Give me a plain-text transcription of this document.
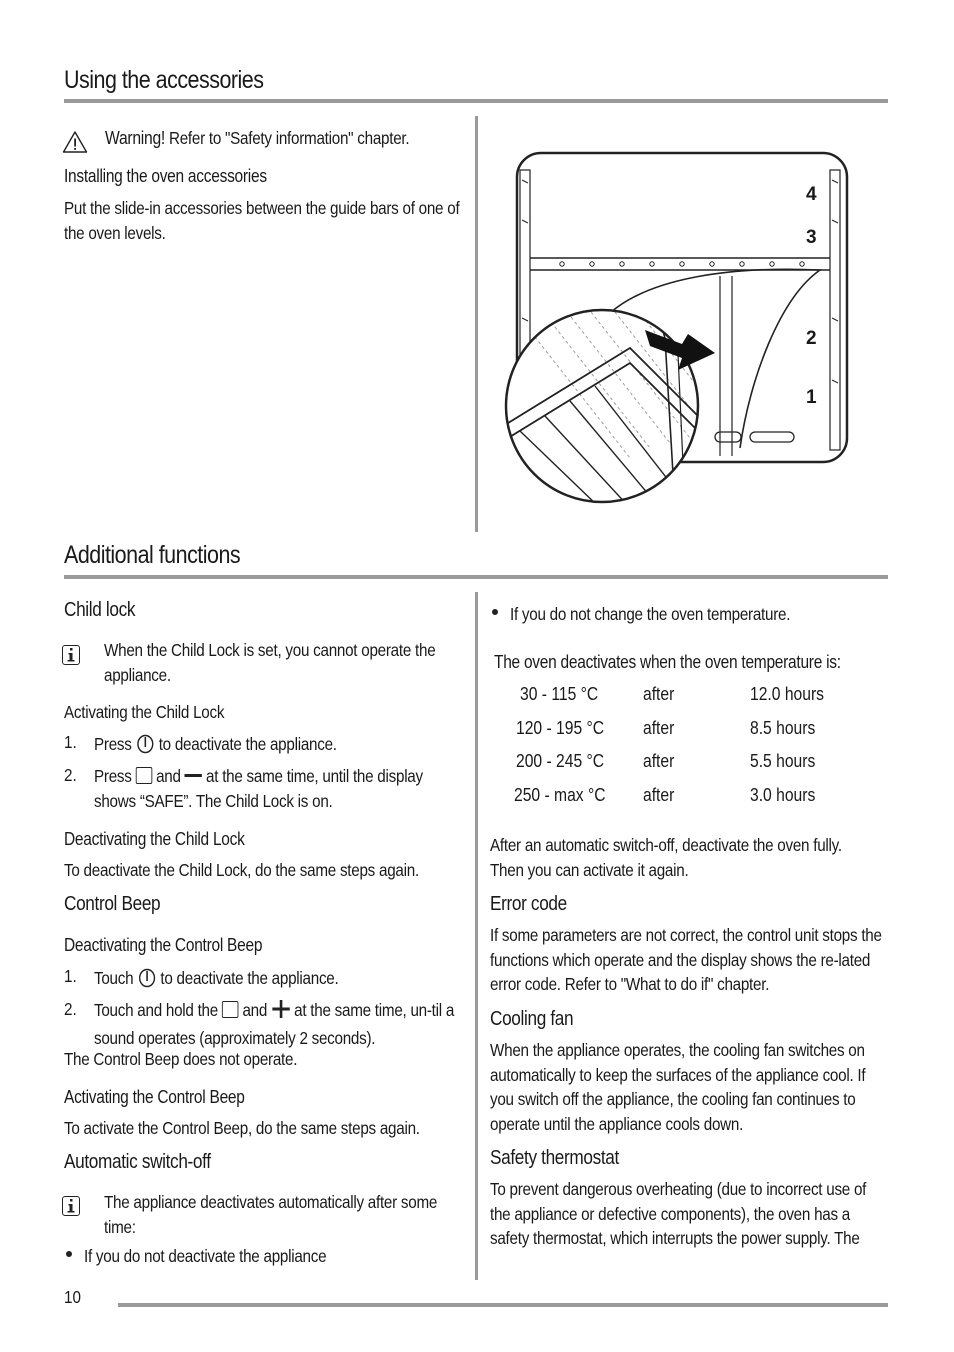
Using the accessories
Warning! Refer to "Safety information" chapter.
Installing the oven accessories
Put the slide-in accessories between the guide bars of one of the oven levels.
4
3
2
1
Additional functions
Child lock
When the Child Lock is set, you cannot operate the appliance.
Activating the Child Lock
1. Press to deactivate the appliance.
2. Press and at the same time, until the display shows “SAFE”. The Child Lock is on.
Deactivating the Child Lock
To deactivate the Child Lock, do the same steps again.
Control Beep
Deactivating the Control Beep
1. Touch to deactivate the appliance.
2. Touch and hold the and at the same time, un-til a sound operates (approximately 2 seconds).
The Control Beep does not operate.
Activating the Control Beep
To activate the Control Beep, do the same steps again.
Automatic switch-off
The appliance deactivates automatically after some time:
If you do not deactivate the appliance
If you do not change the oven temperature.
The oven deactivates when the oven temperature is:
30 - 115 °C after	12.0 hours
120 - 195 °C after	8.5 hours
200 - 245 °C after	5.5 hours
250 - max °C after	3.0 hours
After an automatic switch-off, deactivate the oven fully. Then you can activate it again.
Error code
If some parameters are not correct, the control unit stops the functions which operate and the display shows the re-lated error code. Refer to "What to do if" chapter.
Cooling fan
When the appliance operates, the cooling fan switches on automatically to keep the surfaces of the appliance cool. If you switch off the appliance, the cooling fan continues to operate until the appliance cools down.
Safety thermostat
To prevent dangerous overheating (due to incorrect use of the appliance or defective components), the oven has a safety thermostat, which interrupts the power supply. The
10
